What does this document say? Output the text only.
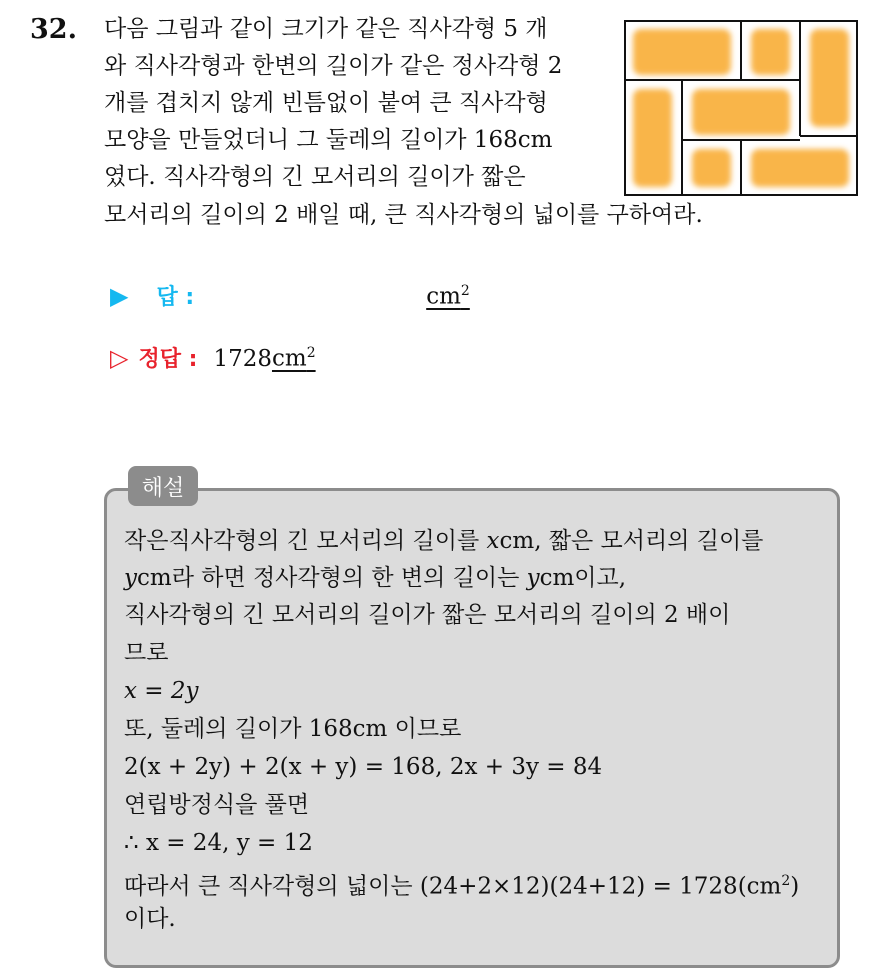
32. 다음 그림과 같이 크기가 같은 직사각형 5 개
와 직사각형과 한변의 길이가 같은 정사각형 2
개를 겹치지 않게 빈틈없이 붙여 큰 직사각형
모양을 만들었더니 그 둘레의 길이가 168cm
였다. 직사각형의 긴 모서리의 길이가 짧은
모서리의 길이의 2 배일 때, 큰 직사각형의 넓이를 구하여라.
▶ 답 :	$cm^2$
▷ 정답 : 1728 $cm^2$
해설
작은직사각형의 긴 모서리의 길이를 xcm, 짧은 모서리의 길이를
ycm라 하면 정사각형의 한 변의 길이는 ycm이고,
직사각형의 긴 모서리의 길이가 짧은 모서리의 길이의 2 배이
므로
x = 2y
또, 둘레의 길이가 168cm 이므로
2(x + 2y) + 2(x + y) = 168, 2x + 3y = 84
연립방정식을 풀면
∴ x = 24, y = 12
따라서 큰 직사각형의 넓이는 $(24+2\times 12)(24+12) = 1728(cm^2)$
이다.
